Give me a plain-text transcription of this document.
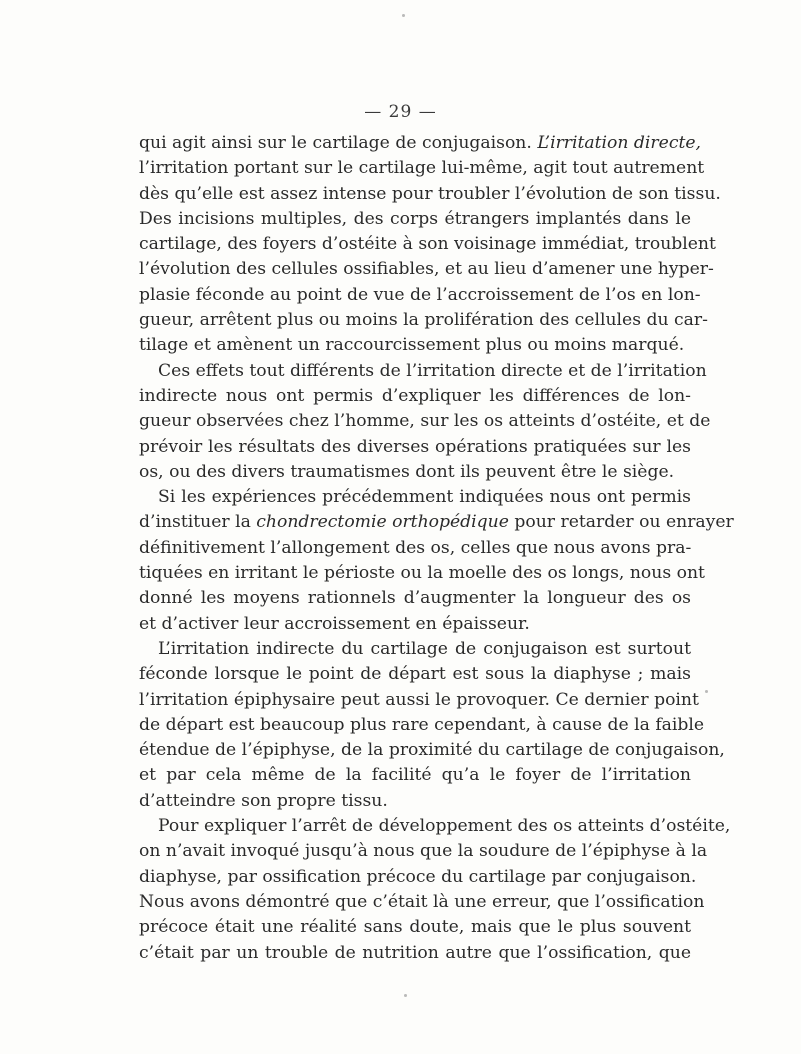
— 29 —
qui agit ainsi sur le cartilage de conjugaison. L’irritation directe,
l’irritation portant sur le cartilage lui-même, agit tout autrement
dès qu’elle est assez intense pour troubler l’évolution de son tissu.
Des incisions multiples, des corps étrangers implantés dans le
cartilage, des foyers d’ostéite à son voisinage immédiat, troublent
l’évolution des cellules ossifiables, et au lieu d’amener une hyper-
plasie féconde au point de vue de l’accroissement de l’os en lon-
gueur, arrêtent plus ou moins la prolifération des cellules du car-
tilage et amènent un raccourcissement plus ou moins marqué.
Ces effets tout différents de l’irritation directe et de l’irritation
indirecte nous ont permis d’expliquer les différences de lon-
gueur observées chez l’homme, sur les os atteints d’ostéite, et de
prévoir les résultats des diverses opérations pratiquées sur les
os, ou des divers traumatismes dont ils peuvent être le siège.
Si les expériences précédemment indiquées nous ont permis
d’instituer la chondrectomie orthopédique pour retarder ou enrayer
définitivement l’allongement des os, celles que nous avons pra-
tiquées en irritant le périoste ou la moelle des os longs, nous ont
donné les moyens rationnels d’augmenter la longueur des os
et d’activer leur accroissement en épaisseur.
L’irritation indirecte du cartilage de conjugaison est surtout
féconde lorsque le point de départ est sous la diaphyse ; mais
l’irritation épiphysaire peut aussi le provoquer. Ce dernier point
de départ est beaucoup plus rare cependant, à cause de la faible
étendue de l’épiphyse, de la proximité du cartilage de conjugaison,
et par cela même de la facilité qu’a le foyer de l’irritation
d’atteindre son propre tissu.
Pour expliquer l’arrêt de développement des os atteints d’ostéite,
on n’avait invoqué jusqu’à nous que la soudure de l’épiphyse à la
diaphyse, par ossification précoce du cartilage par conjugaison.
Nous avons démontré que c’était là une erreur, que l’ossification
précoce était une réalité sans doute, mais que le plus souvent
c’était par un trouble de nutrition autre que l’ossification, que
